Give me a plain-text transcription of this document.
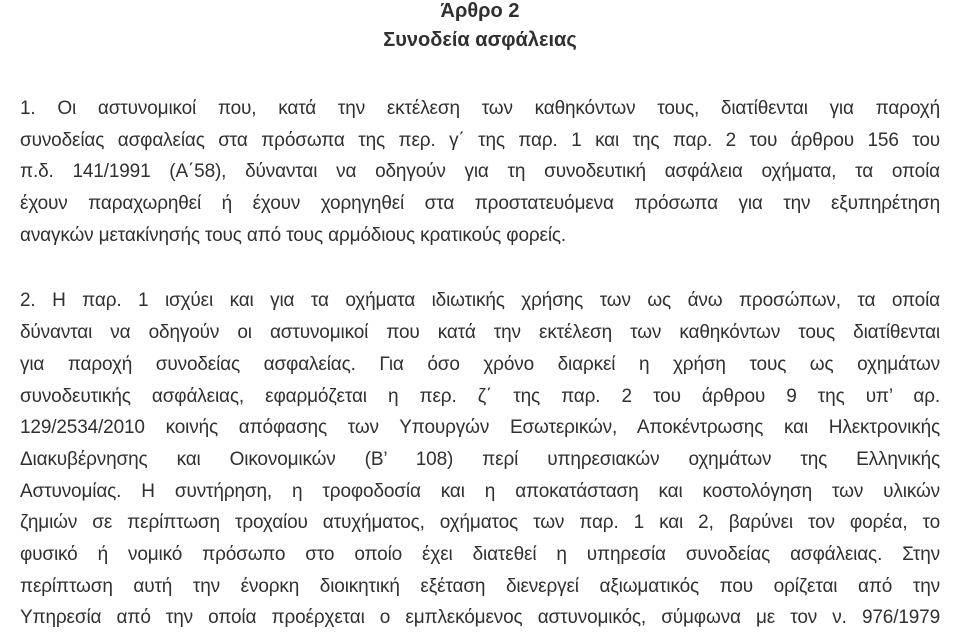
Άρθρο 2
Συνοδεία ασφάλειας
1. Οι αστυνομικοί που, κατά την εκτέλεση των καθηκόντων τους, διατίθενται για παροχή
συνοδείας ασφαλείας στα πρόσωπα της περ. γ΄ της παρ. 1 και της παρ. 2 του άρθρου 156 του
π.δ. 141/1991 (Α΄58), δύνανται να οδηγούν για τη συνοδευτική ασφάλεια οχήματα, τα οποία
έχουν παραχωρηθεί ή έχουν χορηγηθεί στα προστατευόμενα πρόσωπα για την εξυπηρέτηση
αναγκών μετακίνησής τους από τους αρμόδιους κρατικούς φορείς.
2. Η παρ. 1 ισχύει και για τα οχήματα ιδιωτικής χρήσης των ως άνω προσώπων, τα οποία
δύνανται να οδηγούν οι αστυνομικοί που κατά την εκτέλεση των καθηκόντων τους διατίθενται
για παροχή συνοδείας ασφαλείας. Για όσο χρόνο διαρκεί η χρήση τους ως οχημάτων
συνοδευτικής ασφάλειας, εφαρμόζεται η περ. ζ΄ της παρ. 2 του άρθρου 9 της υπ’ αρ.
129/2534/2010 κοινής απόφασης των Υπουργών Εσωτερικών, Αποκέντρωσης και Ηλεκτρονικής
Διακυβέρνησης και Οικονομικών (Β’ 108) περί υπηρεσιακών οχημάτων της Ελληνικής
Αστυνομίας. Η συντήρηση, η τροφοδοσία και η αποκατάσταση και κοστολόγηση των υλικών
ζημιών σε περίπτωση τροχαίου ατυχήματος, οχήματος των παρ. 1 και 2, βαρύνει τον φορέα, το
φυσικό ή νομικό πρόσωπο στο οποίο έχει διατεθεί η υπηρεσία συνοδείας ασφάλειας. Στην
περίπτωση αυτή την ένορκη διοικητική εξέταση διενεργεί αξιωματικός που ορίζεται από την
Υπηρεσία από την οποία προέρχεται ο εμπλεκόμενος αστυνομικός, σύμφωνα με τον ν. 976/1979
